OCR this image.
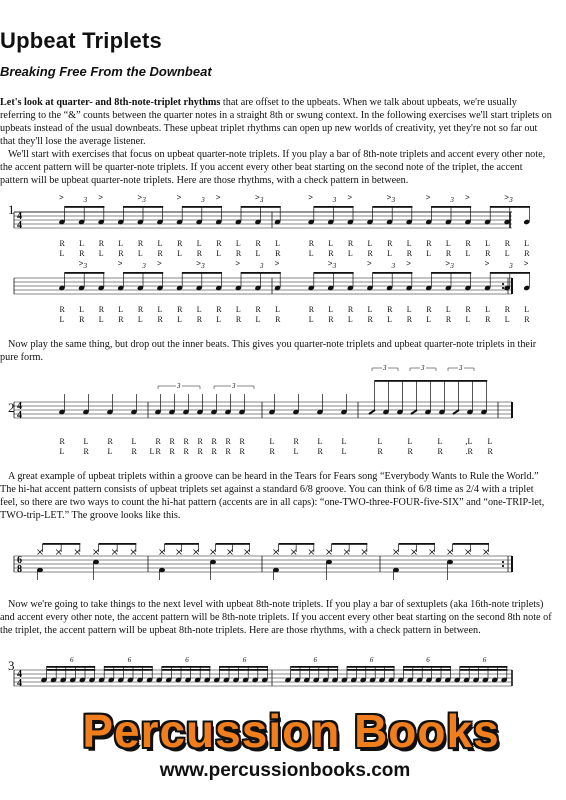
Upbeat Triplets
Breaking Free From the Downbeat

Let's look at quarter- and 8th-note-triplet rhythms that are offset to the upbeats. When we talk about upbeats, we're usually referring to the “&” counts between the quarter notes in a straight 8th or swung context. In the following exercises we'll start triplets on upbeats instead of the usual downbeats. These upbeat triplet rhythms can open up new worlds of creativity, yet they're not so far out that they'll lose the average listener.

We'll start with exercises that focus on upbeat quarter-note triplets. If you play a bar of 8th-note triplets and accent every other note, the accent pattern will be quarter-note triplets. If you accent every other beat starting on the second note of the triplet, the accent pattern will be upbeat quarter-note triplets. Here are those rhythms, with a check pattern in between.

1 4
4
3	3	3	3	3	3	3	3
>	>	>	>	>	>	>	>	>	>	>	>
R L R L R L R L R L R L	R L R L R L R L R L R L
L R L R L R L R L R L R	L R L R L R L R L R L R
3	3	3	3	3	3	3	3
>	>	>	>	>	>	>	>	>	>	>	>
R L R L R L R L R L R L	R L R L R L R L R L R L
L R L R L R L R L R L R	L R L R L R L R L R L R

Now play the same thing, but drop out the inner beats. This gives you quarter-note triplets and upbeat quarter-note triplets in their pure form.

2 4
4
3	3
3	3	3
R L R L R R R R R R R	L R L L	L	L	L	,L L
L R L R L R R R R R R R	R L R L	R	R	R	.R R

A great example of upbeat triplets within a groove can be heard in the Tears for Fears song “Everybody Wants to Rule the World.” The hi-hat accent pattern consists of upbeat triplets set against a standard 6/8 groove. You can think of 6/8 time as 2/4 with a triplet feel, so there are two ways to count the hi-hat pattern (accents are in all caps): “one-TWO-three-FOUR-five-SIX” and “one-TRIP-let, TWO-trip-LET.” The groove looks like this.

6
8

Now we're going to take things to the next level with upbeat 8th-note triplets. If you play a bar of sextuplets (aka 16th-note triplets) and accent every other note, the accent pattern will be 8th-note triplets. If you accent every other beat starting on the second 8th note of the triplet, the accent pattern will be upbeat 8th-note triplets. Here are those rhythms, with a check pattern in between.

3
4
4
6	6	6	6	6	6	6	6
Percussion Books
www.percussionbooks.com
